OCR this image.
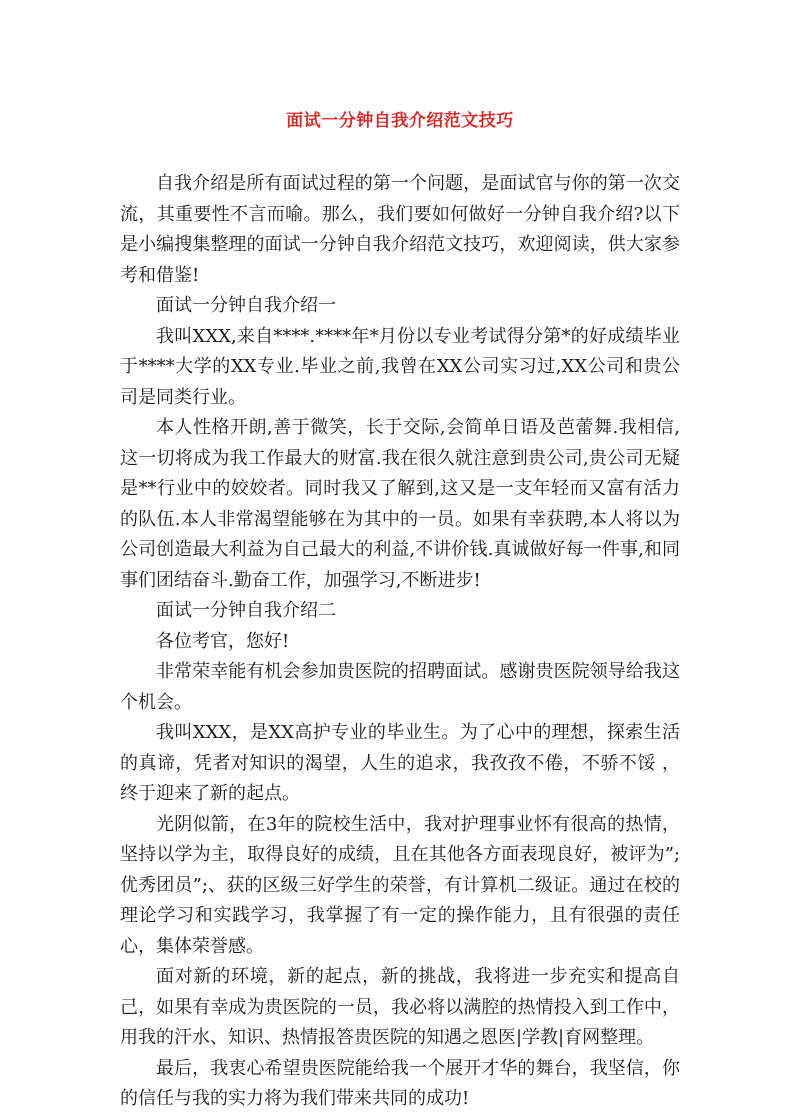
面试一分钟自我介绍范文技巧

自我介绍是所有面试过程的第一个问题，是面试官与你的第一次交流，其重要性不言而喻。那么，我们要如何做好一分钟自我介绍?以下是小编搜集整理的面试一分钟自我介绍范文技巧，欢迎阅读，供大家参考和借鉴!

面试一分钟自我介绍一

我叫XXX,来自****.****年*月份以专业考试得分第*的好成绩毕业于****大学的XX专业.毕业之前,我曾在XX公司实习过,XX公司和贵公司是同类行业。

本人性格开朗,善于微笑，长于交际,会简单日语及芭蕾舞.我相信,这一切将成为我工作最大的财富.我在很久就注意到贵公司,贵公司无疑是**行业中的姣姣者。同时我又了解到,这又是一支年轻而又富有活力的队伍.本人非常渴望能够在为其中的一员。如果有幸获聘,本人将以为公司创造最大利益为自己最大的利益,不讲价钱.真诚做好每一件事,和同事们团结奋斗.勤奋工作，加强学习,不断进步!

面试一分钟自我介绍二

各位考官，您好!

非常荣幸能有机会参加贵医院的招聘面试。感谢贵医院领导给我这个机会。

我叫XXX，是XX高护专业的毕业生。为了心中的理想，探索生活的真谛，凭者对知识的渴望，人生的追求，我孜孜不倦，不骄不馁 ，终于迎来了新的起点。

光阴似箭，在3年的院校生活中，我对护理事业怀有很高的热情，坚持以学为主，取得良好的成绩，且在其他各方面表现良好，被评为”;优秀团员”;、获的区级三好学生的荣誉，有计算机二级证。通过在校的理论学习和实践学习，我掌握了有一定的操作能力，且有很强的责任心，集体荣誉感。

面对新的环境，新的起点，新的挑战，我将进一步充实和提高自己，如果有幸成为贵医院的一员，我必将以满腔的热情投入到工作中，用我的汗水、知识、热情报答贵医院的知遇之恩医|学教|育网整理。

最后，我衷心希望贵医院能给我一个展开才华的舞台，我坚信，你的信任与我的实力将为我们带来共同的成功!
